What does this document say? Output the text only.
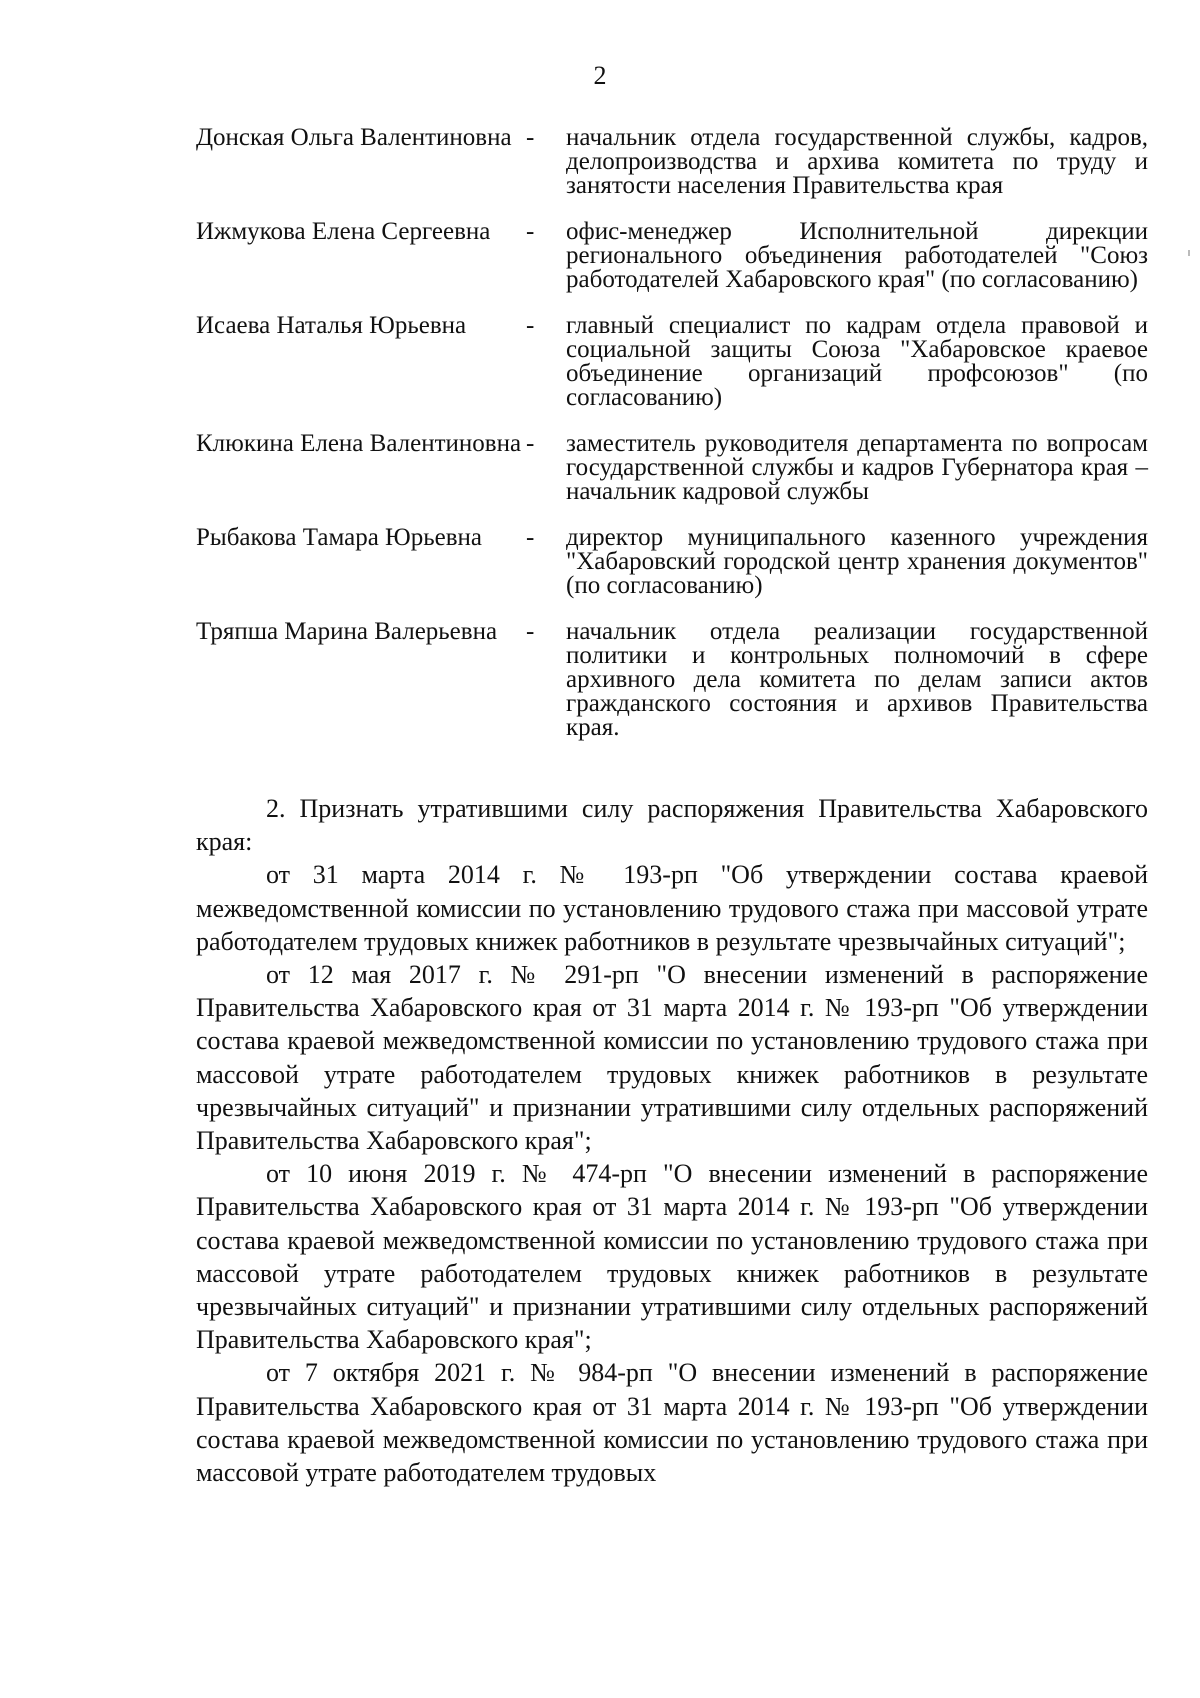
2
Донская Ольга Валентиновна -	начальник отдела государственной службы, кадров, делопроизводства и архива комитета по труду и занятости населения Правительства края
Ижмукова Елена Сергеевна	-	офис-менеджер Исполнительной дирекции регионального объединения работодателей "Союз работодателей Хабаровского края" (по согласованию)
Исаева Наталья Юрьевна	-	главный специалист по кадрам отдела правовой и социальной защиты Союза "Хабаровское краевое объединение организаций профсоюзов" (по согласованию)
Клюкина Елена Валентиновна -	заместитель руководителя департамента по вопросам государственной службы и кадров Губернатора края – начальник кадровой службы
Рыбакова Тамара Юрьевна	-	директор муниципального казенного учреждения "Хабаровский городской центр хранения документов" (по согласованию)
Тряпша Марина Валерьевна	-	начальник отдела реализации государственной политики и контрольных полномочий в сфере архивного дела комитета по делам записи актов гражданского состояния и архивов Правительства края.

2. Признать утратившими силу распоряжения Правительства Хабаровского края:

от 31 марта 2014 г. № 193-рп "Об утверждении состава краевой межведомственной комиссии по установлению трудового стажа при массовой утрате работодателем трудовых книжек работников в результате чрезвычайных ситуаций";

от 12 мая 2017 г. № 291-рп "О внесении изменений в распоряжение Правительства Хабаровского края от 31 марта 2014 г. № 193-рп "Об утверждении состава краевой межведомственной комиссии по установлению трудового стажа при массовой утрате работодателем трудовых книжек работников в результате чрезвычайных ситуаций" и признании утратившими силу отдельных распоряжений Правительства Хабаровского края";

от 10 июня 2019 г. № 474-рп "О внесении изменений в распоряжение Правительства Хабаровского края от 31 марта 2014 г. № 193-рп "Об утверждении состава краевой межведомственной комиссии по установлению трудового стажа при массовой утрате работодателем трудовых книжек работников в результате чрезвычайных ситуаций" и признании утратившими силу отдельных распоряжений Правительства Хабаровского края";

от 7 октября 2021 г. № 984-рп "О внесении изменений в распоряжение Правительства Хабаровского края от 31 марта 2014 г. № 193-рп "Об утверждении состава краевой межведомственной комиссии по установлению трудового стажа при массовой утрате работодателем трудовых
